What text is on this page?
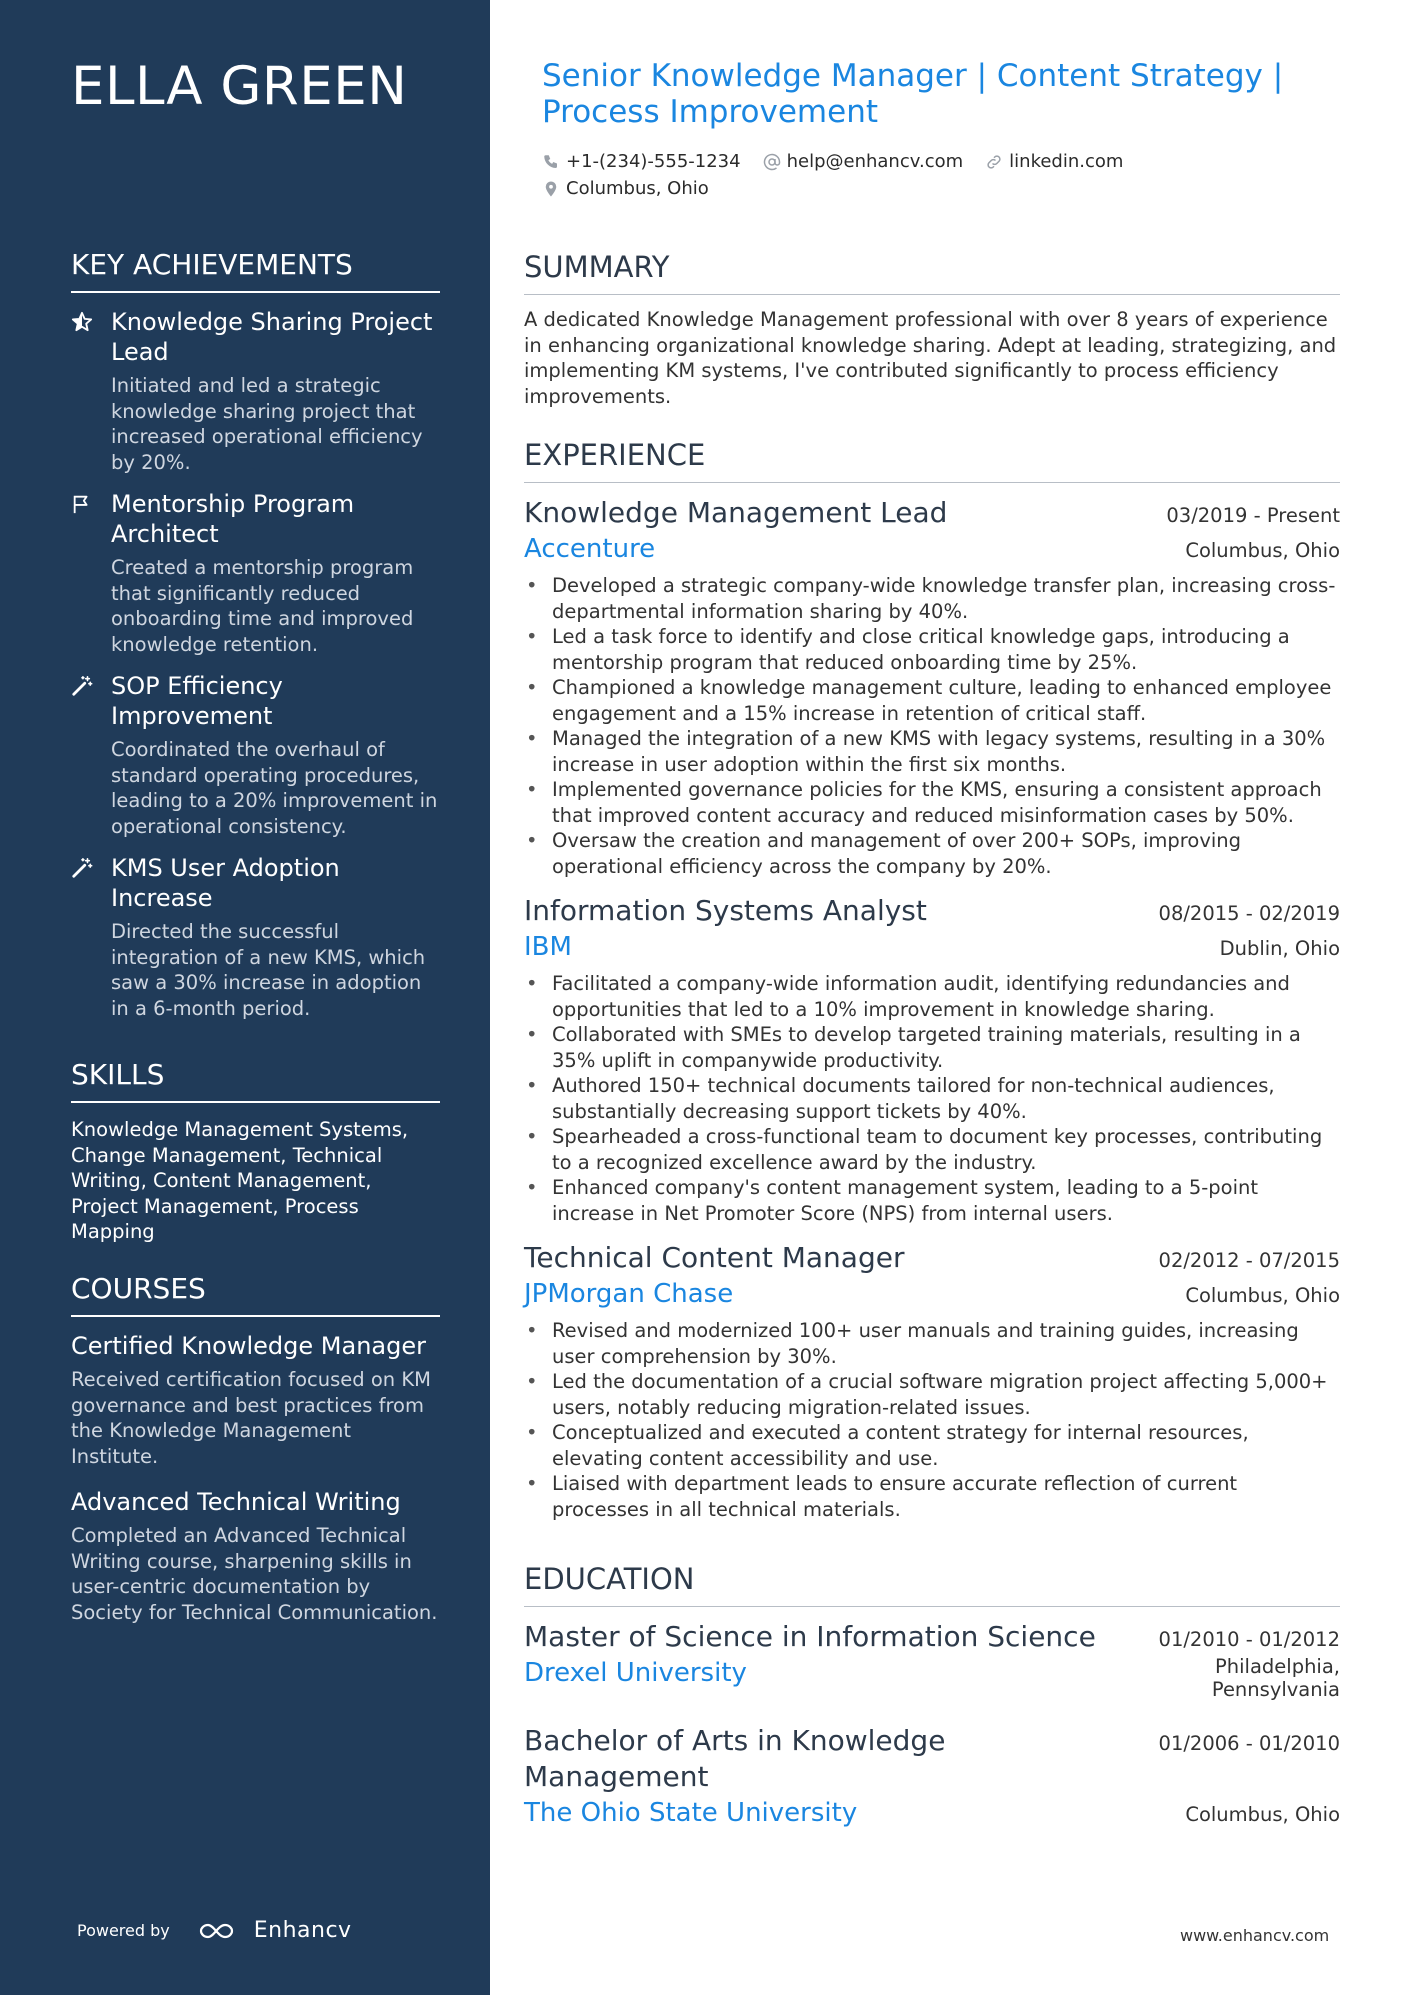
ELLA GREEN
KEY ACHIEVEMENTS
Knowledge Sharing Project Lead
Initiated and led a strategic knowledge sharing project that increased operational efficiency by 20%.
Mentorship Program Architect
Created a mentorship program that significantly reduced onboarding time and improved knowledge retention.
SOP Efficiency Improvement
Coordinated the overhaul of standard operating procedures, leading to a 20% improvement in operational consistency.
KMS User Adoption Increase
Directed the successful integration of a new KMS, which saw a 30% increase in adoption in a 6-month period.
SKILLS
Knowledge Management Systems, Change Management, Technical Writing, Content Management, Project Management, Process Mapping
COURSES
Certified Knowledge Manager
Received certification focused on KM governance and best practices from the Knowledge Management Institute.
Advanced Technical Writing
Completed an Advanced Technical Writing course, sharpening skills in user-centric documentation by Society for Technical Communication.
Powered by	Enhancv
Senior Knowledge Manager | Content Strategy | Process Improvement
+1-(234)-555-1234	help@enhancv.com	linkedin.com
Columbus, Ohio
SUMMARY
A dedicated Knowledge Management professional with over 8 years of experience in enhancing organizational knowledge sharing. Adept at leading, strategizing, and implementing KM systems, I've contributed significantly to process efficiency improvements.
EXPERIENCE
Knowledge Management Lead	03/2019 - Present
Accenture	Columbus, Ohio
• Developed a strategic company-wide knowledge transfer plan, increasing cross-departmental information sharing by 40%.
• Led a task force to identify and close critical knowledge gaps, introducing a mentorship program that reduced onboarding time by 25%.
• Championed a knowledge management culture, leading to enhanced employee engagement and a 15% increase in retention of critical staff.
• Managed the integration of a new KMS with legacy systems, resulting in a 30% increase in user adoption within the first six months.
• Implemented governance policies for the KMS, ensuring a consistent approach that improved content accuracy and reduced misinformation cases by 50%.
• Oversaw the creation and management of over 200+ SOPs, improving operational efficiency across the company by 20%.
Information Systems Analyst	08/2015 - 02/2019
IBM	Dublin, Ohio
• Facilitated a company-wide information audit, identifying redundancies and opportunities that led to a 10% improvement in knowledge sharing.
• Collaborated with SMEs to develop targeted training materials, resulting in a 35% uplift in companywide productivity.
• Authored 150+ technical documents tailored for non-technical audiences, substantially decreasing support tickets by 40%.
• Spearheaded a cross-functional team to document key processes, contributing to a recognized excellence award by the industry.
• Enhanced company's content management system, leading to a 5-point increase in Net Promoter Score (NPS) from internal users.
Technical Content Manager	02/2012 - 07/2015
JPMorgan Chase	Columbus, Ohio
• Revised and modernized 100+ user manuals and training guides, increasing user comprehension by 30%.
• Led the documentation of a crucial software migration project affecting 5,000+ users, notably reducing migration-related issues.
• Conceptualized and executed a content strategy for internal resources, elevating content accessibility and use.
• Liaised with department leads to ensure accurate reflection of current processes in all technical materials.
EDUCATION
Master of Science in Information Science	01/2010 - 01/2012
Drexel University	Philadelphia,
Pennsylvania
Bachelor of Arts in Knowledge Management
01/2006 - 01/2010
The Ohio State University	Columbus, Ohio
www.enhancv.com
